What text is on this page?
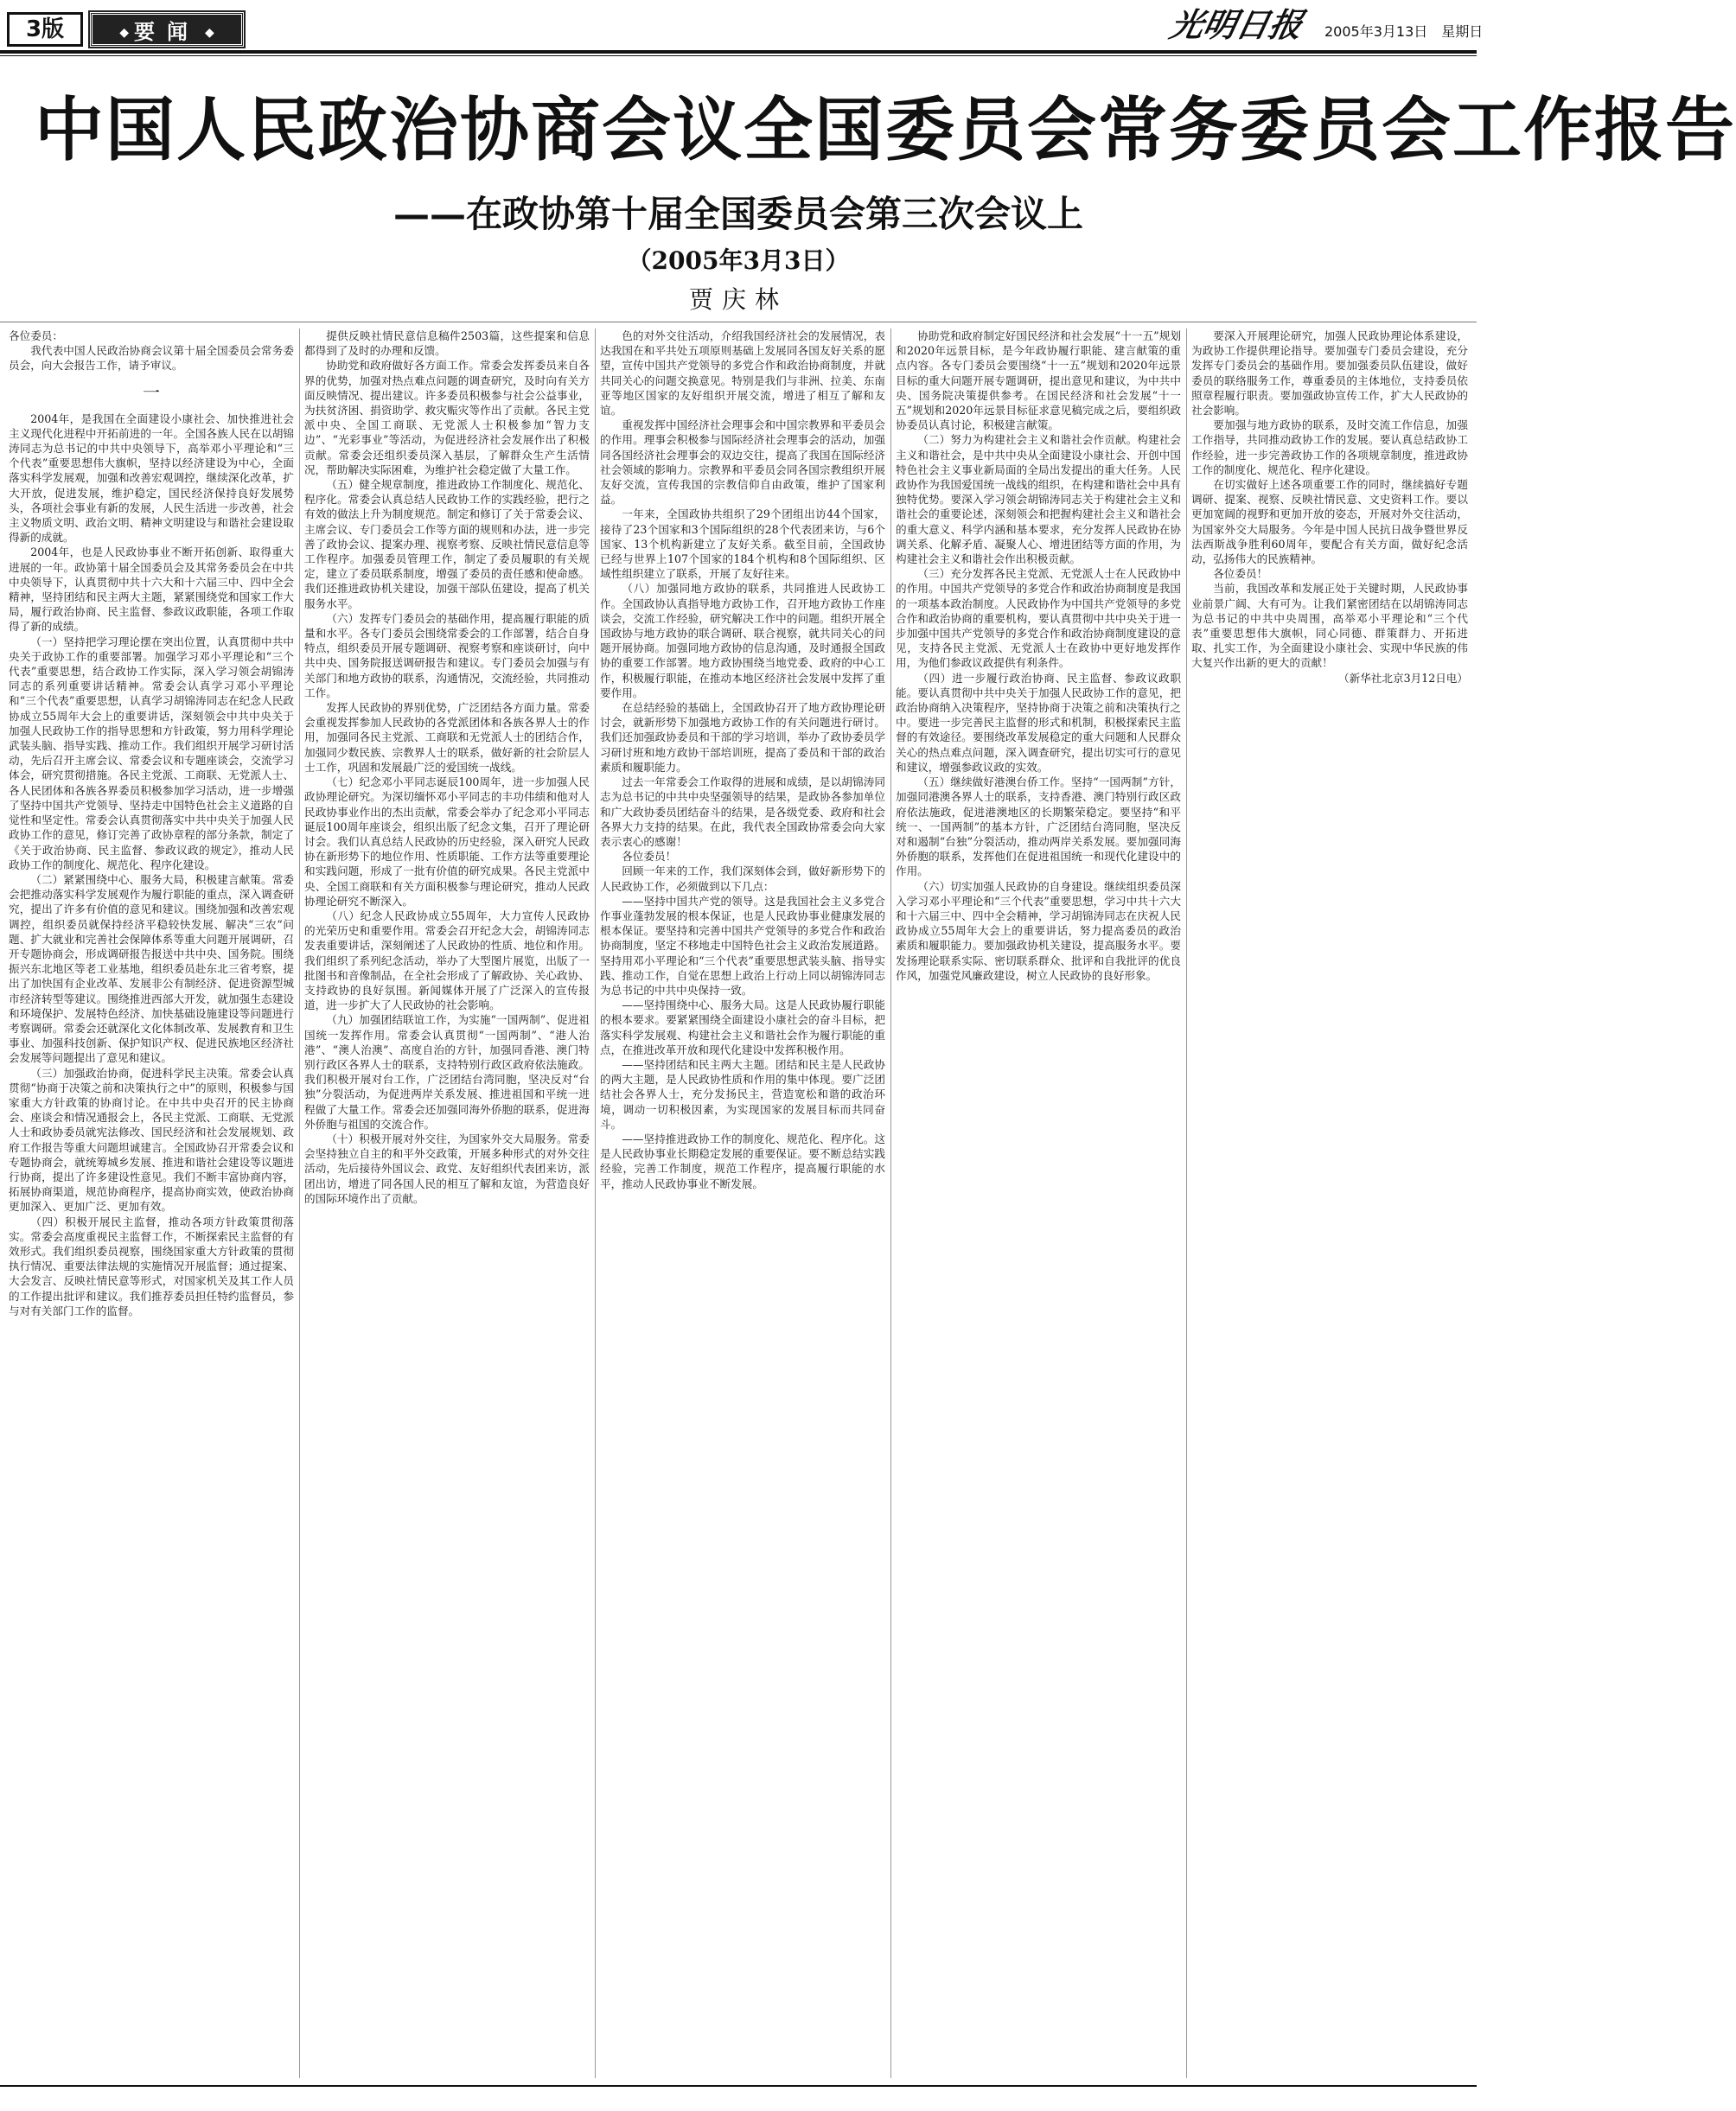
3版	◆ 要闻 ◆	光明日报	2005年3月13日　星期日
中国人民政治协商会议全国委员会常务委员会工作报告
——在政协第十届全国委员会第三次会议上
（2005年3月3日）
贾庆林

各位委员：

我代表中国人民政治协商会议第十届全国委员会常务委员会，向大会报告工作，请予审议。

一

2004年，是我国在全面建设小康社会、加快推进社会主义现代化进程中开拓前进的一年。全国各族人民在以胡锦涛同志为总书记的中共中央领导下，高举邓小平理论和“三个代表”重要思想伟大旗帜，坚持以经济建设为中心，全面落实科学发展观，加强和改善宏观调控，继续深化改革，扩大开放，促进发展，维护稳定，国民经济保持良好发展势头，各项社会事业有新的发展，人民生活进一步改善，社会主义物质文明、政治文明、精神文明建设与和谐社会建设取得新的成就。

2004年，也是人民政协事业不断开拓创新、取得重大进展的一年。政协第十届全国委员会及其常务委员会在中共中央领导下，认真贯彻中共十六大和十六届三中、四中全会精神，坚持团结和民主两大主题，紧紧围绕党和国家工作大局，履行政治协商、民主监督、参政议政职能，各项工作取得了新的成绩。

（一）坚持把学习理论摆在突出位置，认真贯彻中共中央关于政协工作的重要部署。加强学习邓小平理论和“三个代表”重要思想，结合政协工作实际，深入学习领会胡锦涛同志的系列重要讲话精神。常委会认真学习邓小平理论和“三个代表”重要思想，认真学习胡锦涛同志在纪念人民政协成立55周年大会上的重要讲话，深刻领会中共中央关于加强人民政协工作的指导思想和方针政策，努力用科学理论武装头脑、指导实践、推动工作。我们组织开展学习研讨活动，先后召开主席会议、常委会议和专题座谈会，交流学习体会，研究贯彻措施。各民主党派、工商联、无党派人士、各人民团体和各族各界委员积极参加学习活动，进一步增强了坚持中国共产党领导、坚持走中国特色社会主义道路的自觉性和坚定性。常委会认真贯彻落实中共中央关于加强人民政协工作的意见，修订完善了政协章程的部分条款，制定了《关于政治协商、民主监督、参政议政的规定》，推动人民政协工作的制度化、规范化、程序化建设。

（二）紧紧围绕中心、服务大局，积极建言献策。常委会把推动落实科学发展观作为履行职能的重点，深入调查研究，提出了许多有价值的意见和建议。围绕加强和改善宏观调控，组织委员就保持经济平稳较快发展、解决“三农”问题、扩大就业和完善社会保障体系等重大问题开展调研，召开专题协商会，形成调研报告报送中共中央、国务院。围绕振兴东北地区等老工业基地，组织委员赴东北三省考察，提出了加快国有企业改革、发展非公有制经济、促进资源型城市经济转型等建议。围绕推进西部大开发，就加强生态建设和环境保护、发展特色经济、加快基础设施建设等问题进行考察调研。常委会还就深化文化体制改革、发展教育和卫生事业、加强科技创新、保护知识产权、促进民族地区经济社会发展等问题提出了意见和建议。

（三）加强政治协商，促进科学民主决策。常委会认真贯彻“协商于决策之前和决策执行之中”的原则，积极参与国家重大方针政策的协商讨论。在中共中央召开的民主协商会、座谈会和情况通报会上，各民主党派、工商联、无党派人士和政协委员就宪法修改、国民经济和社会发展规划、政府工作报告等重大问题坦诚建言。全国政协召开常委会议和专题协商会，就统筹城乡发展、推进和谐社会建设等议题进行协商，提出了许多建设性意见。我们不断丰富协商内容，拓展协商渠道，规范协商程序，提高协商实效，使政治协商更加深入、更加广泛、更加有效。

（四）积极开展民主监督，推动各项方针政策贯彻落实。常委会高度重视民主监督工作，不断探索民主监督的有效形式。我们组织委员视察，围绕国家重大方针政策的贯彻执行情况、重要法律法规的实施情况开展监督；通过提案、大会发言、反映社情民意等形式，对国家机关及其工作人员的工作提出批评和建议。我们推荐委员担任特约监督员，参与对有关部门工作的监督。

提供反映社情民意信息稿件2503篇，这些提案和信息都得到了及时的办理和反馈。

协助党和政府做好各方面工作。常委会发挥委员来自各界的优势，加强对热点难点问题的调查研究，及时向有关方面反映情况、提出建议。许多委员积极参与社会公益事业，为扶贫济困、捐资助学、救灾赈灾等作出了贡献。各民主党派中央、全国工商联、无党派人士积极参加“智力支边”、“光彩事业”等活动，为促进经济社会发展作出了积极贡献。常委会还组织委员深入基层，了解群众生产生活情况，帮助解决实际困难，为维护社会稳定做了大量工作。

（五）健全规章制度，推进政协工作制度化、规范化、程序化。常委会认真总结人民政协工作的实践经验，把行之有效的做法上升为制度规范。制定和修订了关于常委会议、主席会议、专门委员会工作等方面的规则和办法，进一步完善了政协会议、提案办理、视察考察、反映社情民意信息等工作程序。加强委员管理工作，制定了委员履职的有关规定，建立了委员联系制度，增强了委员的责任感和使命感。我们还推进政协机关建设，加强干部队伍建设，提高了机关服务水平。

（六）发挥专门委员会的基础作用，提高履行职能的质量和水平。各专门委员会围绕常委会的工作部署，结合自身特点，组织委员开展专题调研、视察考察和座谈研讨，向中共中央、国务院报送调研报告和建议。专门委员会加强与有关部门和地方政协的联系，沟通情况，交流经验，共同推动工作。

发挥人民政协的界别优势，广泛团结各方面力量。常委会重视发挥参加人民政协的各党派团体和各族各界人士的作用，加强同各民主党派、工商联和无党派人士的团结合作，加强同少数民族、宗教界人士的联系，做好新的社会阶层人士工作，巩固和发展最广泛的爱国统一战线。

（七）纪念邓小平同志诞辰100周年，进一步加强人民政协理论研究。为深切缅怀邓小平同志的丰功伟绩和他对人民政协事业作出的杰出贡献，常委会举办了纪念邓小平同志诞辰100周年座谈会，组织出版了纪念文集，召开了理论研讨会。我们认真总结人民政协的历史经验，深入研究人民政协在新形势下的地位作用、性质职能、工作方法等重要理论和实践问题，形成了一批有价值的研究成果。各民主党派中央、全国工商联和有关方面积极参与理论研究，推动人民政协理论研究不断深入。

（八）纪念人民政协成立55周年，大力宣传人民政协的光荣历史和重要作用。常委会召开纪念大会，胡锦涛同志发表重要讲话，深刻阐述了人民政协的性质、地位和作用。我们组织了系列纪念活动，举办了大型图片展览，出版了一批图书和音像制品，在全社会形成了了解政协、关心政协、支持政协的良好氛围。新闻媒体开展了广泛深入的宣传报道，进一步扩大了人民政协的社会影响。

（九）加强团结联谊工作，为实施“一国两制”、促进祖国统一发挥作用。常委会认真贯彻“一国两制”、“港人治港”、“澳人治澳”、高度自治的方针，加强同香港、澳门特别行政区各界人士的联系，支持特别行政区政府依法施政。我们积极开展对台工作，广泛团结台湾同胞，坚决反对“台独”分裂活动，为促进两岸关系发展、推进祖国和平统一进程做了大量工作。常委会还加强同海外侨胞的联系，促进海外侨胞与祖国的交流合作。

（十）积极开展对外交往，为国家外交大局服务。常委会坚持独立自主的和平外交政策，开展多种形式的对外交往活动，先后接待外国议会、政党、友好组织代表团来访，派团出访，增进了同各国人民的相互了解和友谊，为营造良好的国际环境作出了贡献。

色的对外交往活动，介绍我国经济社会的发展情况，表达我国在和平共处五项原则基础上发展同各国友好关系的愿望，宣传中国共产党领导的多党合作和政治协商制度，并就共同关心的问题交换意见。特别是我们与非洲、拉美、东南亚等地区国家的友好组织开展交流，增进了相互了解和友谊。

重视发挥中国经济社会理事会和中国宗教界和平委员会的作用。理事会积极参与国际经济社会理事会的活动，加强同各国经济社会理事会的双边交往，提高了我国在国际经济社会领域的影响力。宗教界和平委员会同各国宗教组织开展友好交流，宣传我国的宗教信仰自由政策，维护了国家利益。

一年来，全国政协共组织了29个团组出访44个国家，接待了23个国家和3个国际组织的28个代表团来访，与6个国家、13个机构新建立了友好关系。截至目前，全国政协已经与世界上107个国家的184个机构和8个国际组织、区域性组织建立了联系，开展了友好往来。

（八）加强同地方政协的联系，共同推进人民政协工作。全国政协认真指导地方政协工作，召开地方政协工作座谈会，交流工作经验，研究解决工作中的问题。组织开展全国政协与地方政协的联合调研、联合视察，就共同关心的问题开展协商。加强同地方政协的信息沟通，及时通报全国政协的重要工作部署。地方政协围绕当地党委、政府的中心工作，积极履行职能，在推动本地区经济社会发展中发挥了重要作用。

在总结经验的基础上，全国政协召开了地方政协理论研讨会，就新形势下加强地方政协工作的有关问题进行研讨。我们还加强政协委员和干部的学习培训，举办了政协委员学习研讨班和地方政协干部培训班，提高了委员和干部的政治素质和履职能力。

过去一年常委会工作取得的进展和成绩，是以胡锦涛同志为总书记的中共中央坚强领导的结果，是政协各参加单位和广大政协委员团结奋斗的结果，是各级党委、政府和社会各界大力支持的结果。在此，我代表全国政协常委会向大家表示衷心的感谢！

各位委员！

回顾一年来的工作，我们深刻体会到，做好新形势下的人民政协工作，必须做到以下几点：

——坚持中国共产党的领导。这是我国社会主义多党合作事业蓬勃发展的根本保证，也是人民政协事业健康发展的根本保证。要坚持和完善中国共产党领导的多党合作和政治协商制度，坚定不移地走中国特色社会主义政治发展道路。坚持用邓小平理论和“三个代表”重要思想武装头脑、指导实践、推动工作，自觉在思想上政治上行动上同以胡锦涛同志为总书记的中共中央保持一致。

——坚持围绕中心、服务大局。这是人民政协履行职能的根本要求。要紧紧围绕全面建设小康社会的奋斗目标，把落实科学发展观、构建社会主义和谐社会作为履行职能的重点，在推进改革开放和现代化建设中发挥积极作用。

——坚持团结和民主两大主题。团结和民主是人民政协的两大主题，是人民政协性质和作用的集中体现。要广泛团结社会各界人士，充分发扬民主，营造宽松和谐的政治环境，调动一切积极因素，为实现国家的发展目标而共同奋斗。

——坚持推进政协工作的制度化、规范化、程序化。这是人民政协事业长期稳定发展的重要保证。要不断总结实践经验，完善工作制度，规范工作程序，提高履行职能的水平，推动人民政协事业不断发展。

协助党和政府制定好国民经济和社会发展“十一五”规划和2020年远景目标，是今年政协履行职能、建言献策的重点内容。各专门委员会要围绕“十一五”规划和2020年远景目标的重大问题开展专题调研，提出意见和建议，为中共中央、国务院决策提供参考。在国民经济和社会发展“十一五”规划和2020年远景目标征求意见稿完成之后，要组织政协委员认真讨论，积极建言献策。

（二）努力为构建社会主义和谐社会作贡献。构建社会主义和谐社会，是中共中央从全面建设小康社会、开创中国特色社会主义事业新局面的全局出发提出的重大任务。人民政协作为我国爱国统一战线的组织，在构建和谐社会中具有独特优势。要深入学习领会胡锦涛同志关于构建社会主义和谐社会的重要论述，深刻领会和把握构建社会主义和谐社会的重大意义、科学内涵和基本要求，充分发挥人民政协在协调关系、化解矛盾、凝聚人心、增进团结等方面的作用，为构建社会主义和谐社会作出积极贡献。

（三）充分发挥各民主党派、无党派人士在人民政协中的作用。中国共产党领导的多党合作和政治协商制度是我国的一项基本政治制度。人民政协作为中国共产党领导的多党合作和政治协商的重要机构，要认真贯彻中共中央关于进一步加强中国共产党领导的多党合作和政治协商制度建设的意见，支持各民主党派、无党派人士在政协中更好地发挥作用，为他们参政议政提供有利条件。

（四）进一步履行政治协商、民主监督、参政议政职能。要认真贯彻中共中央关于加强人民政协工作的意见，把政治协商纳入决策程序，坚持协商于决策之前和决策执行之中。要进一步完善民主监督的形式和机制，积极探索民主监督的有效途径。要围绕改革发展稳定的重大问题和人民群众关心的热点难点问题，深入调查研究，提出切实可行的意见和建议，增强参政议政的实效。

（五）继续做好港澳台侨工作。坚持“一国两制”方针，加强同港澳各界人士的联系，支持香港、澳门特别行政区政府依法施政，促进港澳地区的长期繁荣稳定。要坚持“和平统一、一国两制”的基本方针，广泛团结台湾同胞，坚决反对和遏制“台独”分裂活动，推动两岸关系发展。要加强同海外侨胞的联系，发挥他们在促进祖国统一和现代化建设中的作用。

（六）切实加强人民政协的自身建设。继续组织委员深入学习邓小平理论和“三个代表”重要思想，学习中共十六大和十六届三中、四中全会精神，学习胡锦涛同志在庆祝人民政协成立55周年大会上的重要讲话，努力提高委员的政治素质和履职能力。要加强政协机关建设，提高服务水平。要发扬理论联系实际、密切联系群众、批评和自我批评的优良作风，加强党风廉政建设，树立人民政协的良好形象。

要深入开展理论研究，加强人民政协理论体系建设，为政协工作提供理论指导。要加强专门委员会建设，充分发挥专门委员会的基础作用。要加强委员队伍建设，做好委员的联络服务工作，尊重委员的主体地位，支持委员依照章程履行职责。要加强政协宣传工作，扩大人民政协的社会影响。

要加强与地方政协的联系，及时交流工作信息，加强工作指导，共同推动政协工作的发展。要认真总结政协工作经验，进一步完善政协工作的各项规章制度，推进政协工作的制度化、规范化、程序化建设。

在切实做好上述各项重要工作的同时，继续搞好专题调研、提案、视察、反映社情民意、文史资料工作。要以更加宽阔的视野和更加开放的姿态，开展对外交往活动，为国家外交大局服务。今年是中国人民抗日战争暨世界反法西斯战争胜利60周年，要配合有关方面，做好纪念活动，弘扬伟大的民族精神。

各位委员！

当前，我国改革和发展正处于关键时期，人民政协事业前景广阔、大有可为。让我们紧密团结在以胡锦涛同志为总书记的中共中央周围，高举邓小平理论和“三个代表”重要思想伟大旗帜，同心同德、群策群力、开拓进取、扎实工作，为全面建设小康社会、实现中华民族的伟大复兴作出新的更大的贡献！

（新华社北京3月12日电）
